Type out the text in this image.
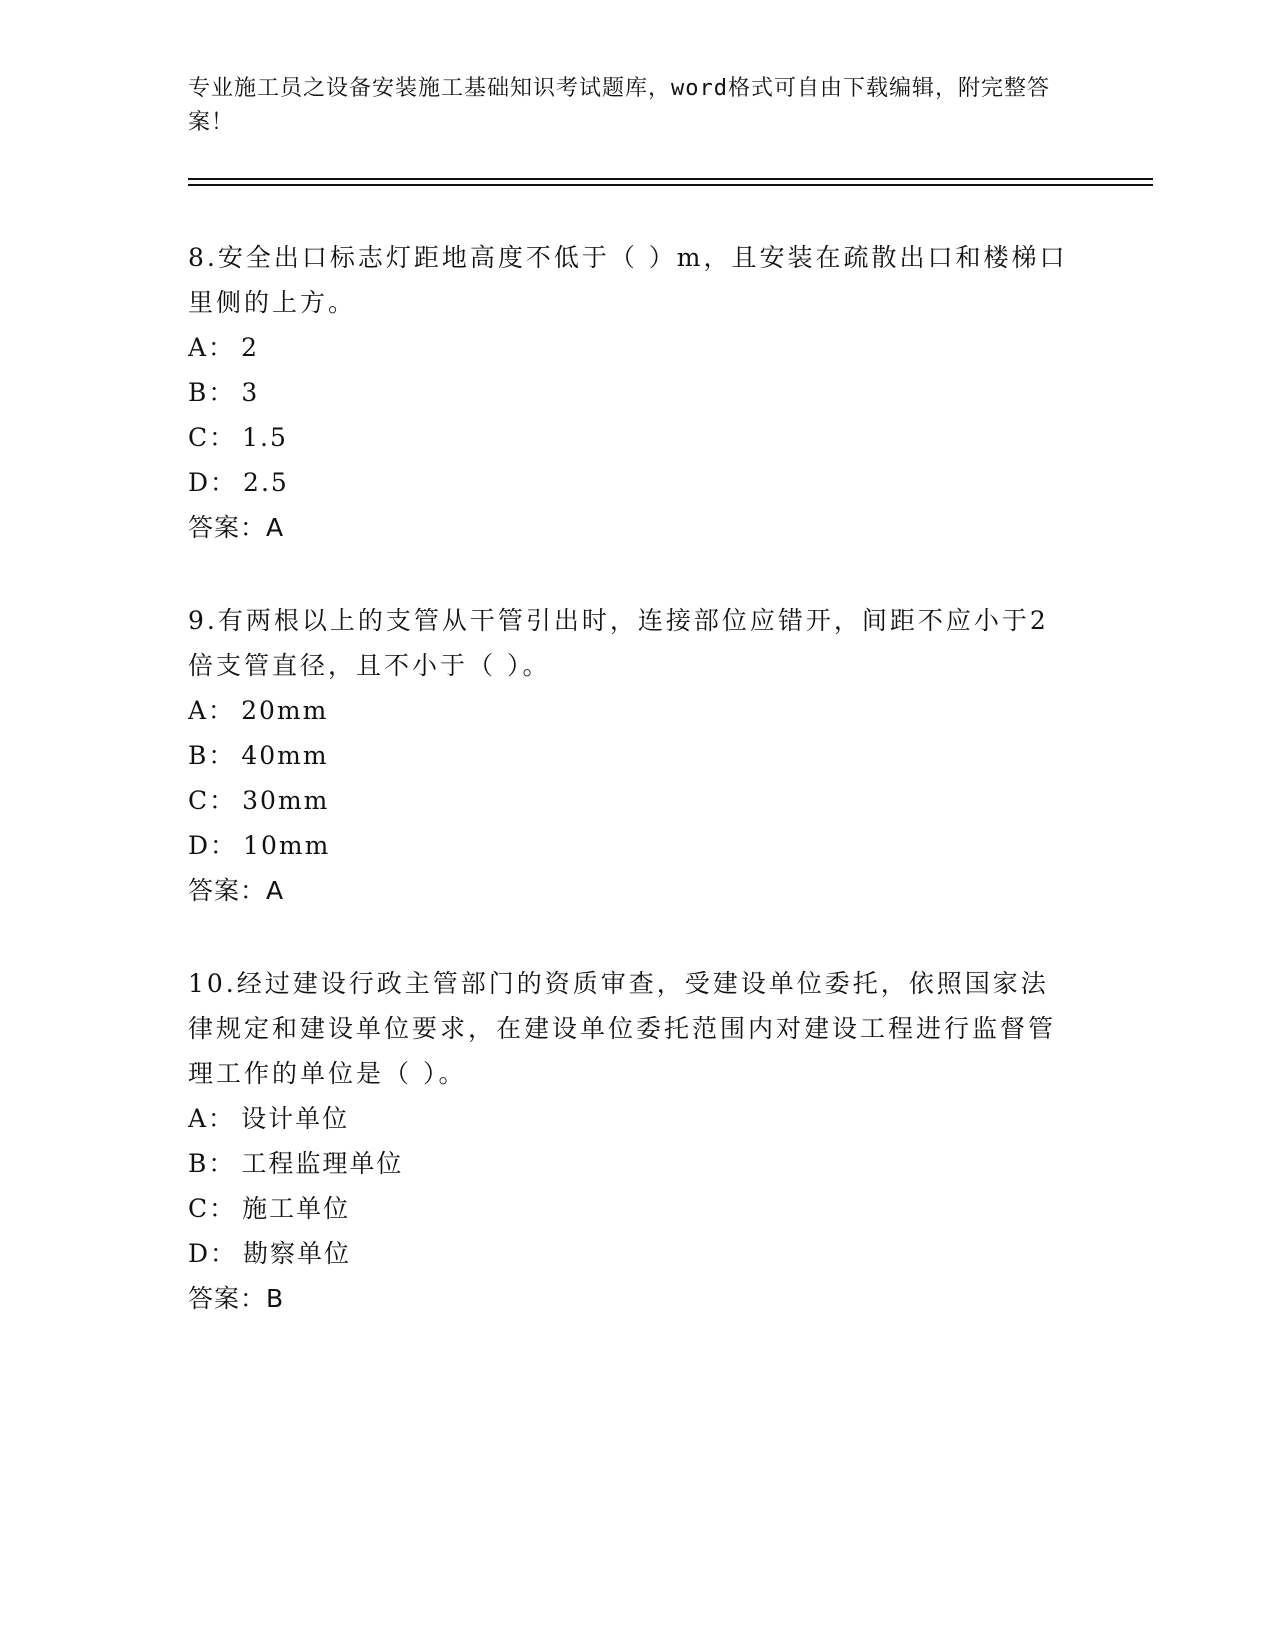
专业施工员之设备安装施工基础知识考试题库，word格式可自由下载编辑，附完整答案！

8.安全出口标志灯距地高度不低于（ ）m，且安装在疏散出口和楼梯口里侧的上方。

A： 2

B： 3

C： 1.5

D： 2.5

答案：A

9.有两根以上的支管从干管引出时，连接部位应错开，间距不应小于2倍支管直径，且不小于（ ）。

A： 20mm

B： 40mm

C： 30mm

D： 10mm

答案：A

10.经过建设行政主管部门的资质审查，受建设单位委托，依照国家法律规定和建设单位要求，在建设单位委托范围内对建设工程进行监督管理工作的单位是（ ）。

A： 设计单位

B： 工程监理单位

C： 施工单位

D： 勘察单位

答案：B
